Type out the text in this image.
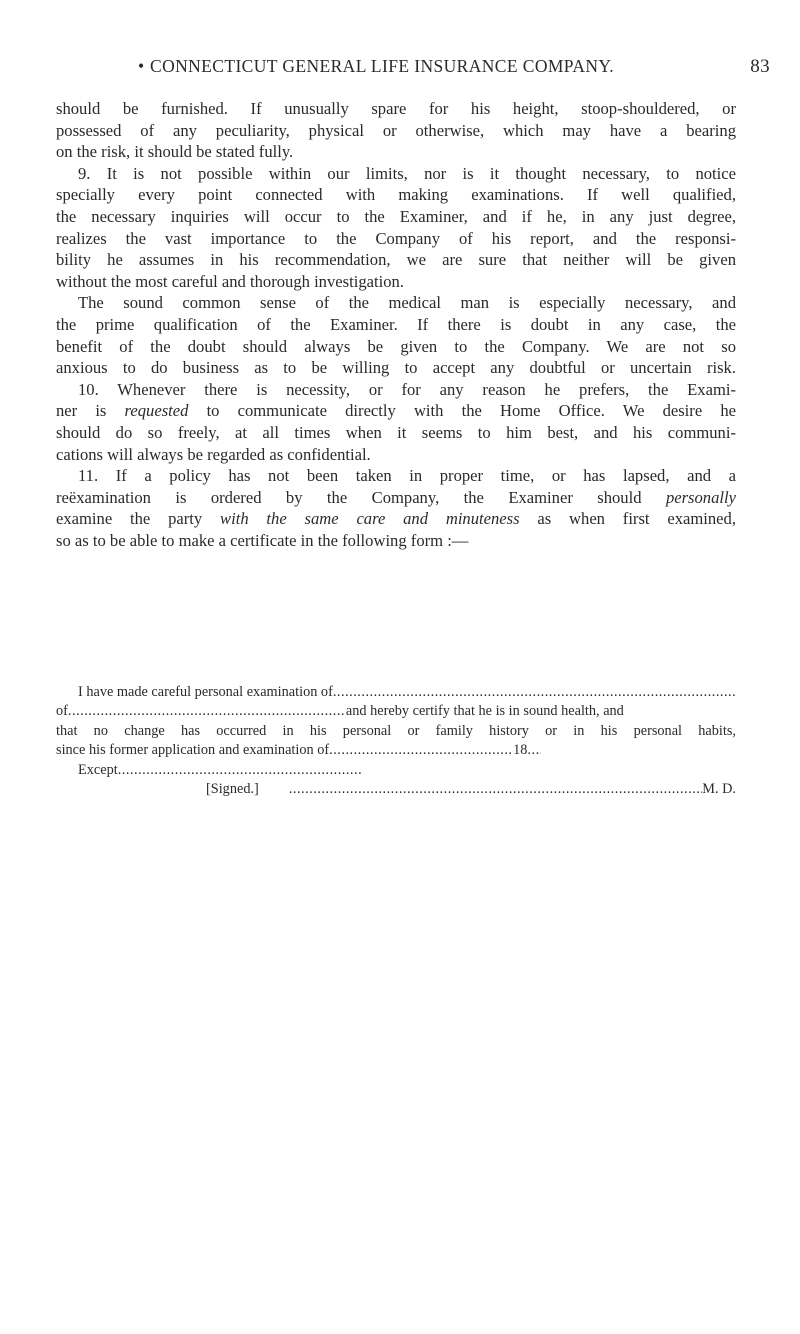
• CONNECTICUT GENERAL LIFE INSURANCE COMPANY.	83
should be furnished. If unusually spare for his height, stoop-shouldered, or
possessed of any peculiarity, physical or otherwise, which may have a bearing
on the risk, it should be stated fully.
9. It is not possible within our limits, nor is it thought necessary, to notice
specially every point connected with making examinations. If well qualified,
the necessary inquiries will occur to the Examiner, and if he, in any just degree,
realizes the vast importance to the Company of his report, and the responsi-
bility he assumes in his recommendation, we are sure that neither will be given
without the most careful and thorough investigation.
The sound common sense of the medical man is especially necessary, and
the prime qualification of the Examiner. If there is doubt in any case, the
benefit of the doubt should always be given to the Company. We are not so
anxious to do business as to be willing to accept any doubtful or uncertain risk.
10. Whenever there is necessity, or for any reason he prefers, the Exami-
ner is requested to communicate directly with the Home Office. We desire he
should do so freely, at all times when it seems to him best, and his communi-
cations will always be regarded as confidential.
11. If a policy has not been taken in proper time, or has lapsed, and a
reëxamination is ordered by the Company, the Examiner should personally
examine the party with the same care and minuteness as when first examined,
so as to be able to make a certificate in the following form :—
I have made careful personal examination of
.....
of .....	and hereby certify that he is in sound health, and
that no change has occurred in his personal or family history or in his personal habits,
since his former application and examination of .....	18
.....
Except
.....
[Signed.] .....	M. D.
